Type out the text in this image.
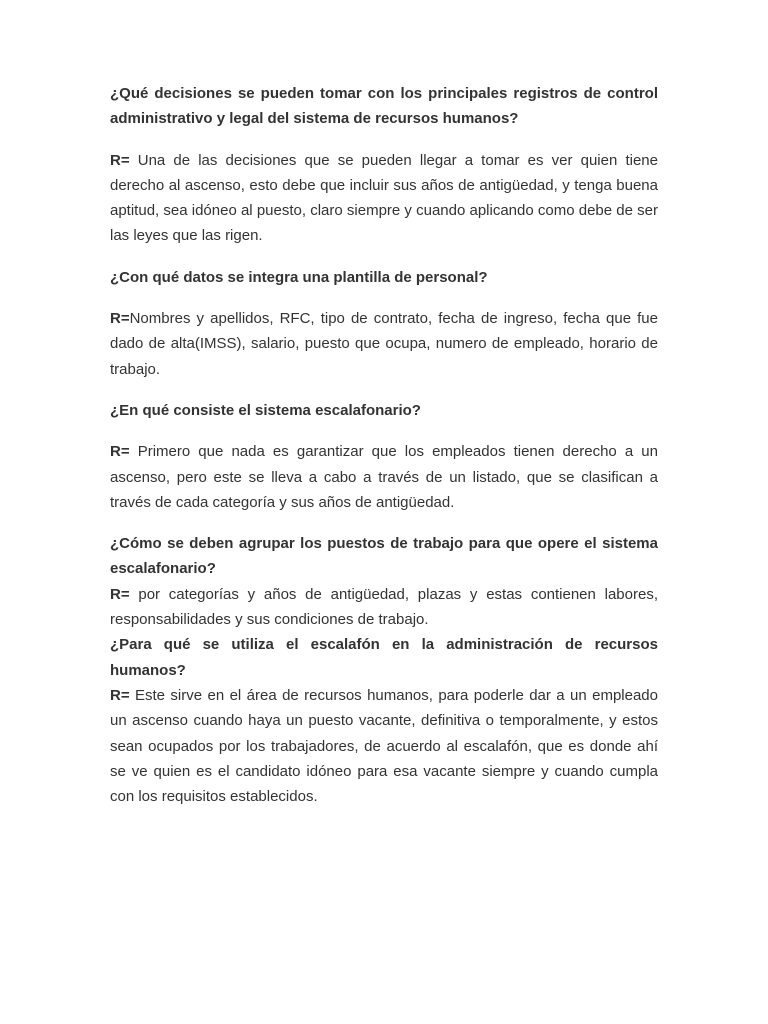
¿Qué decisiones se pueden tomar con los principales registros de control administrativo y legal del sistema de recursos humanos?

R= Una de las decisiones que se pueden llegar a tomar es ver quien tiene derecho al ascenso, esto debe que incluir sus años de antigüedad, y tenga buena aptitud, sea idóneo al puesto, claro siempre y cuando aplicando como debe de ser las leyes que las rigen.

¿Con qué datos se integra una plantilla de personal?

R=Nombres y apellidos, RFC, tipo de contrato, fecha de ingreso, fecha que fue dado de alta(IMSS), salario, puesto que ocupa, numero de empleado, horario de trabajo.

¿En qué consiste el sistema escalafonario?

R= Primero que nada es garantizar que los empleados tienen derecho a un ascenso, pero este se lleva a cabo a través de un listado, que se clasifican a través de cada categoría y sus años de antigüedad.

¿Cómo se deben agrupar los puestos de trabajo para que opere el sistema escalafonario?

R= por categorías y años de antigüedad, plazas y estas contienen labores, responsabilidades y sus condiciones de trabajo.

¿Para qué se utiliza el escalafón en la administración de recursos humanos?

R= Este sirve en el área de recursos humanos, para poderle dar a un empleado un ascenso cuando haya un puesto vacante, definitiva o temporalmente, y estos sean ocupados por los trabajadores, de acuerdo al escalafón, que es donde ahí se ve quien es el candidato idóneo para esa vacante siempre y cuando cumpla con los requisitos establecidos.
